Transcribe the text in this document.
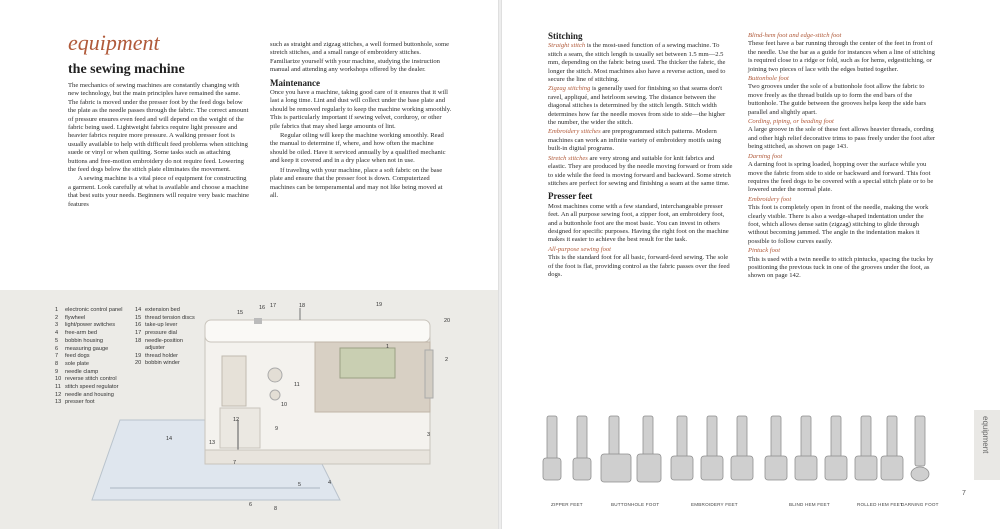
equipment
the sewing machine

The mechanics of sewing machines are constantly changing with new technology, but the main principles have remained the same. The fabric is moved under the presser foot by the feed dogs below the plate as the needle passes through the fabric. The correct amount of pressure ensures even feed and will depend on the weight of the fabric being used. Lightweight fabrics require light pressure and heavier fabrics require more pressure. A walking presser foot is usually available to help with difficult feed problems when stitching suede or vinyl or when quilting. Some tasks such as attaching buttons and free-motion embroidery do not require feed. Lowering the feed dogs below the stitch plate eliminates the movement.

A sewing machine is a vital piece of equipment for constructing a garment. Look carefully at what is available and choose a machine that best suits your needs. Beginners will require very basic machine features

such as straight and zigzag stitches, a well formed buttonhole, some stretch stitches, and a small range of embroidery stitches. Familiarize yourself with your machine, studying the instruction manual and attending any workshops offered by the dealer.

Maintenance

Once you have a machine, taking good care of it ensures that it will last a long time. Lint and dust will collect under the base plate and should be removed regularly to keep the machine working smoothly. This is particularly important if sewing velvet, corduroy, or other pile fabrics that may shed large amounts of lint.

Regular oiling will keep the machine working smoothly. Read the manual to determine if, where, and how often the machine should be oiled. Have it serviced annually by a qualified mechanic and keep it covered and in a dry place when not in use.

If traveling with your machine, place a soft fabric on the base plate and ensure that the presser foot is down. Computerized machines can be temperamental and may not like being moved at all.

1	electronic control panel
2	flywheel
3	light/power switches
4	free-arm bed
5	bobbin housing
6	measuring gauge
7	feed dogs
8	sole plate
9	needle clamp
10 reverse stitch control
11 stitch speed regulator
12 needle and housing
13 presser foot
14 extension bed
15 thread tension discs
16 take-up lever
17 pressure dial
18 needle-position adjuster
19 thread holder
20 bobbin winder
15
16 17	18	19
20
1
2
3
4
5
6
7
8
9
10
11
12
13
14
Stitching

Straight stitch is the most-used function of a sewing machine. To stitch a seam, the stitch length is usually set between 1.5 mm—2.5 mm, depending on the fabric being used. The thicker the fabric, the longer the stitch. Most machines also have a reverse action, used to secure the line of stitching.

Zigzag stitching is generally used for finishing so that seams don't ravel, appliqué, and heirloom sewing. The distance between the diagonal stitches is determined by the stitch length. Stitch width determines how far the needle moves from side to side—the higher the number, the wider the stitch.

Embroidery stitches are preprogrammed stitch patterns. Modern machines can work an infinite variety of embroidery motifs using built-in digital programs.

Stretch stitches are very strong and suitable for knit fabrics and elastic. They are produced by the needle moving forward or from side to side while the feed is moving forward and backward. Some stretch stitches are perfect for sewing and finishing a seam at the same time.

Presser feet

Most machines come with a few standard, interchangeable presser feet. An all purpose sewing foot, a zipper foot, an embroidery foot, and a buttonhole foot are the most basic. You can invest in others designed for specific purposes. Having the right foot on the machine makes it easier to achieve the best result for the task.

All-purpose sewing foot

This is the standard foot for all basic, forward-feed sewing. The sole of the foot is flat, providing control as the fabric passes over the feed dogs.

Blind-hem foot and edge-stitch foot

These feet have a bar running through the center of the feet in front of the needle. Use the bar as a guide for instances when a line of stitching is required close to a ridge or fold, such as for hems, edgestitching, or joining two pieces of lace with the edges butted together.

Buttonhole foot

Two grooves under the sole of a buttonhole foot allow the fabric to move freely as the thread builds up to form the end bars of the buttonhole. The guide between the grooves helps keep the side bars parallel and slightly apart.

Cording, piping, or beading foot

A large groove in the sole of these feet allows heavier threads, cording and other high relief decorative trims to pass freely under the foot after being stitched, as shown on page 143.

Darning foot

A darning foot is spring loaded, hopping over the surface while you move the fabric from side to side or backward and forward. This foot requires the feed dogs to be covered with a special stitch plate or to be lowered under the normal plate.

Embroidery foot

This foot is completely open in front of the needle, making the work clearly visible. There is also a wedge-shaped indentation under the foot, which allows dense satin (zigzag) stitching to glide through without becoming jammed. The angle in the indentation makes it possible to follow curves easily.

Pintuck foot

This is used with a twin needle to stitch pintucks, spacing the tucks by positioning the previous tuck in one of the grooves under the foot, as shown on page 142.

ZIPPER FEET	BUTTONHOLE FOOT	EMBROIDERY FEET	BLIND HEM FEET	ROLLED HEM FEET
DARNING FOOT
equipment
7
